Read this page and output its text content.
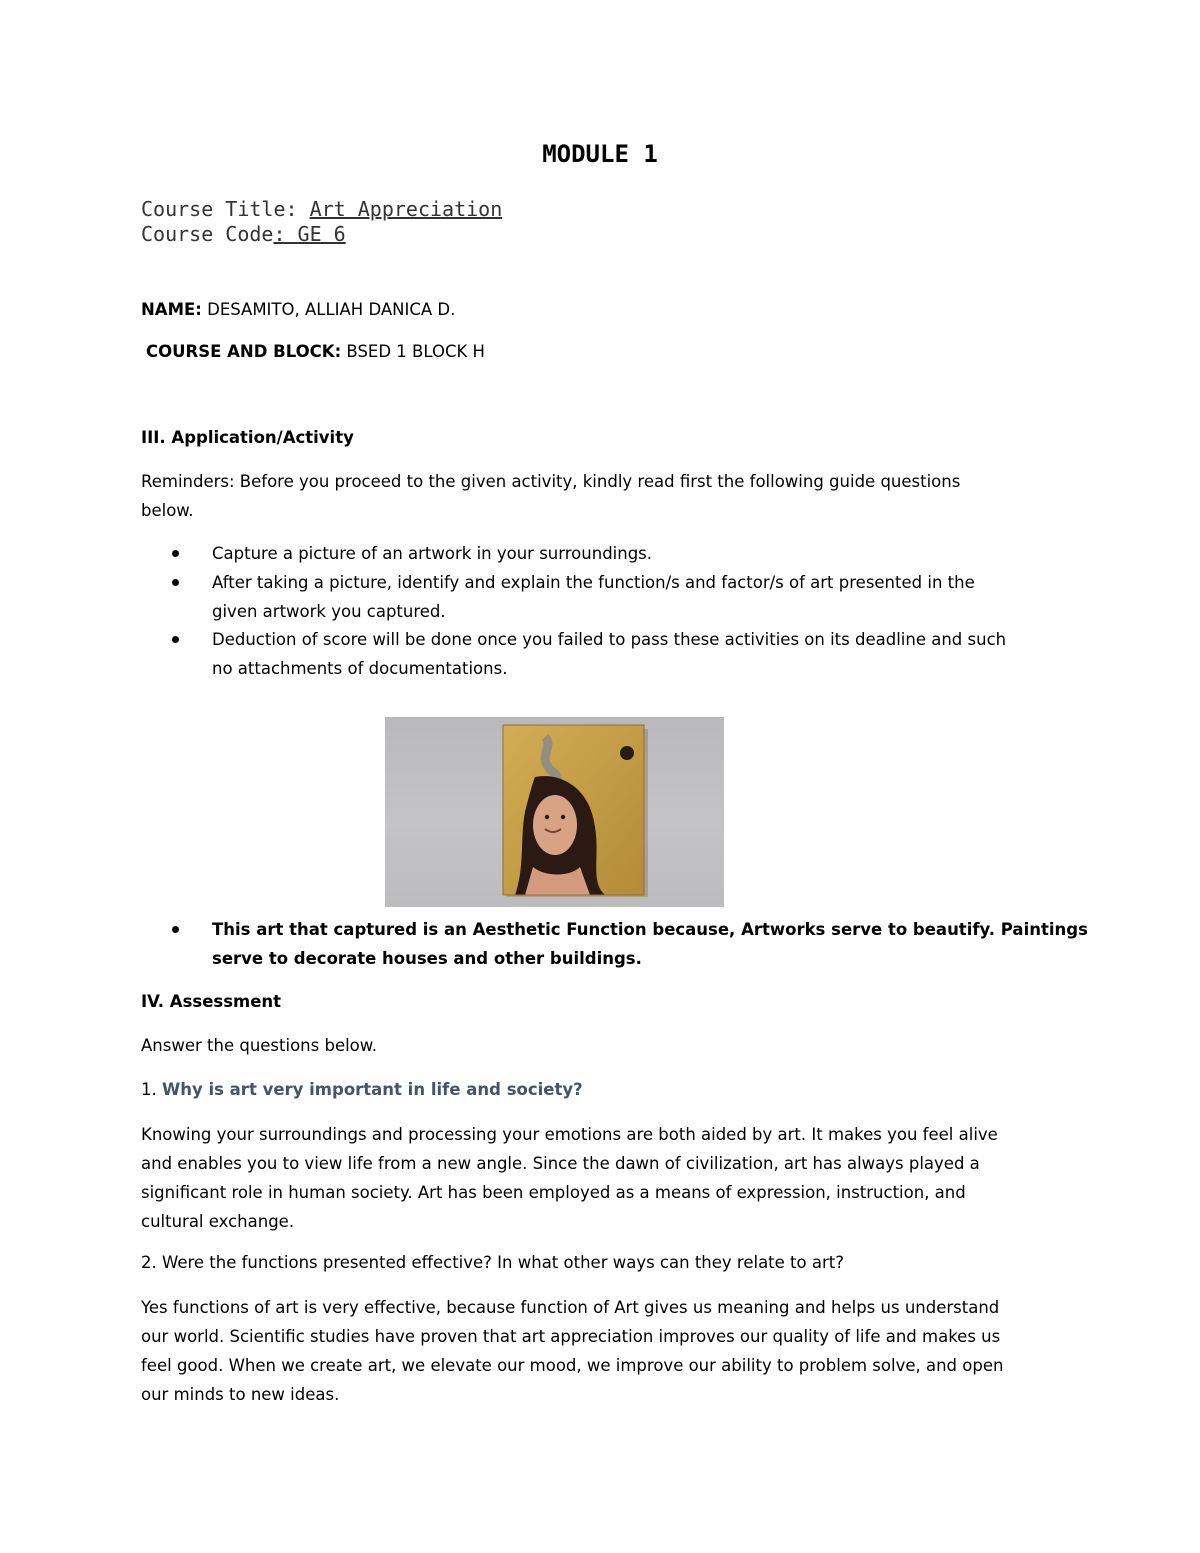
MODULE 1
Course Title: Art Appreciation
Course Code: GE 6
NAME: DESAMITO, ALLIAH DANICA D.
COURSE AND BLOCK: BSED 1 BLOCK H
III. Application/Activity
Reminders: Before you proceed to the given activity, kindly read first the following guide questions
below.
Capture a picture of an artwork in your surroundings.
After taking a picture, identify and explain the function/s and factor/s of art presented in the
given artwork you captured.
Deduction of score will be done once you failed to pass these activities on its deadline and such
no attachments of documentations.
This art that captured is an Aesthetic Function because, Artworks serve to beautify. Paintings
serve to decorate houses and other buildings.
IV. Assessment
Answer the questions below.
1. Why is art very important in life and society?
Knowing your surroundings and processing your emotions are both aided by art. It makes you feel alive
and enables you to view life from a new angle. Since the dawn of civilization, art has always played a
significant role in human society. Art has been employed as a means of expression, instruction, and
cultural exchange.
2. Were the functions presented effective? In what other ways can they relate to art?
Yes functions of art is very effective, because function of Art gives us meaning and helps us understand
our world. Scientific studies have proven that art appreciation improves our quality of life and makes us
feel good. When we create art, we elevate our mood, we improve our ability to problem solve, and open
our minds to new ideas.
